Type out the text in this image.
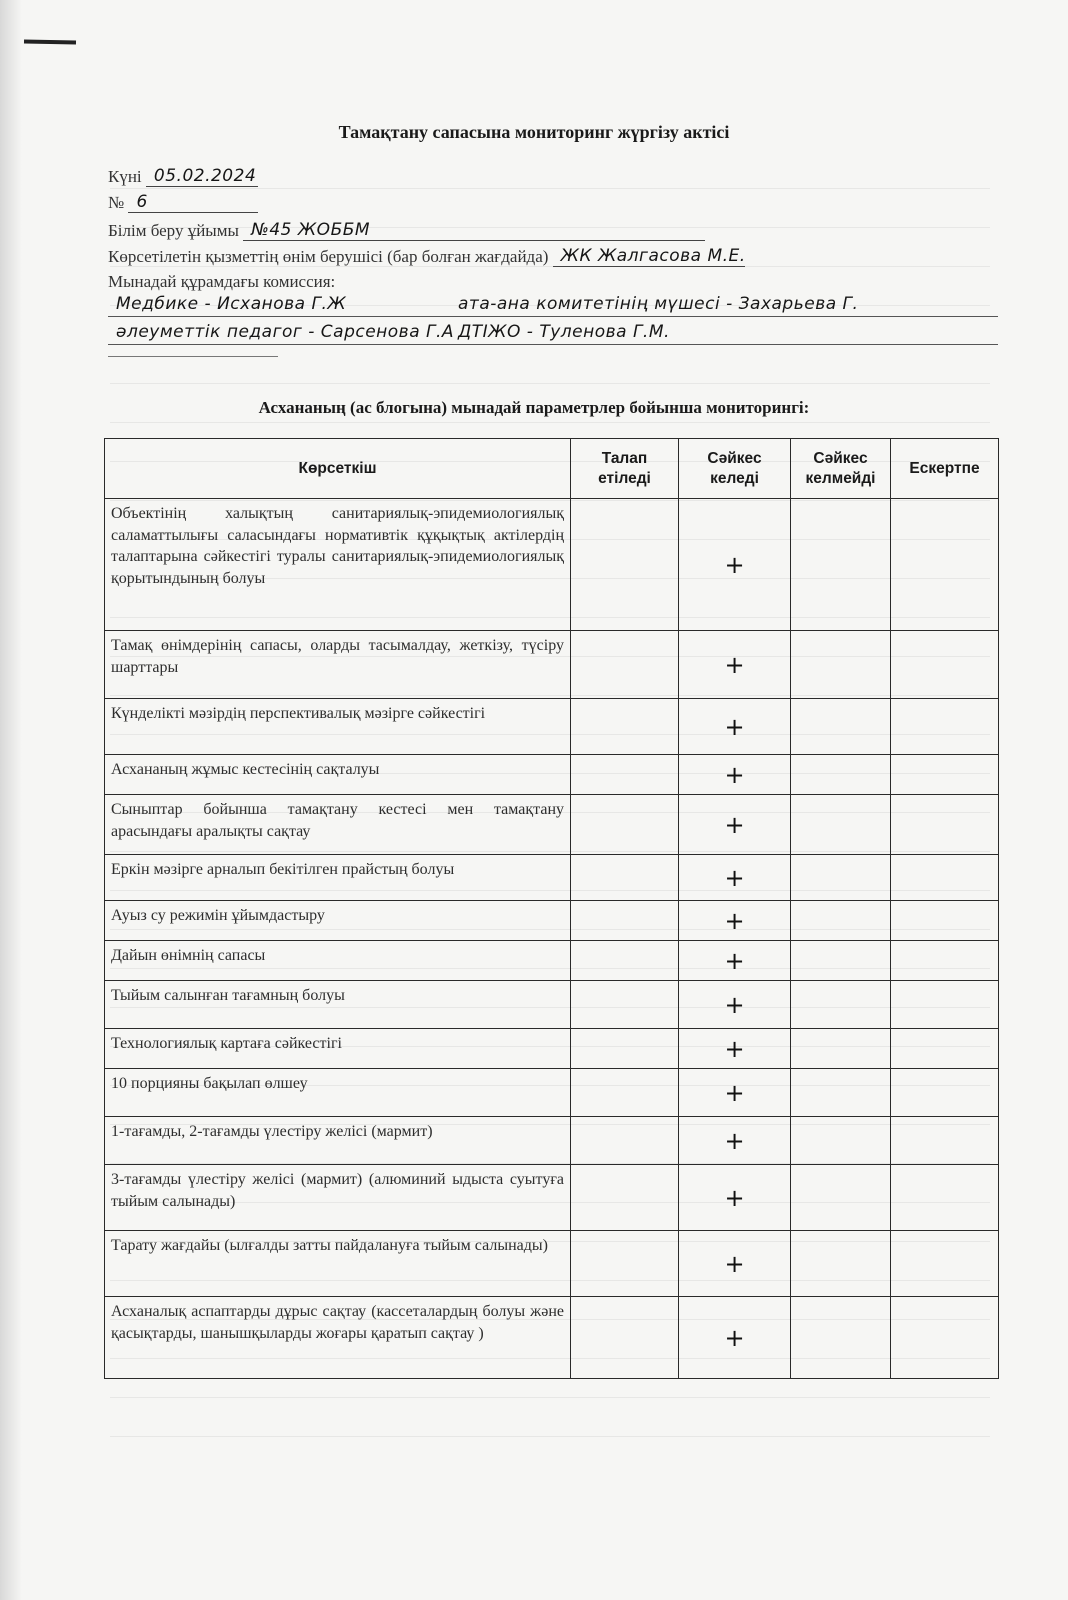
Тамақтану сапасына мониторинг жүргізу актісі
Күні 05.02.2024
№ 6
Білім беру ұйымы №45 ЖОББМ
Көрсетілетін қызметтің өнім берушісі (бар болған жағдайда) ЖК Жалгасова М.Е.
Мынадай құрамдағы комиссия:
Медбике - Исханова Г.Ж	ата-ана комитетінің мүшесі - Захарьева Г.
әлеуметтік педагог - Сарсенова Г.А ДТІЖО - Туленова Г.М.
Асхананың (ас блогына) мынадай параметрлер бойынша мониторингі:
Көрсеткіш	Талап етіледі	Сәйкес келеді	Сәйкес келмейді	Ескертпе
Объектінің халықтың санитариялық-эпидемиологиялық саламаттылығы саласындағы нормативтік құқықтық актілердің талаптарына сәйкестігі туралы санитариялық-эпидемиологиялық қорытындының болуы		+		
Тамақ өнімдерінің сапасы, оларды тасымалдау, жеткізу, түсіру шарттары		+		
Күнделікті мәзірдің перспективалық мәзірге сәйкестігі		+		
Асхананың жұмыс кестесінің сақталуы		+		
Сыныптар бойынша тамақтану кестесі мен тамақтану арасындағы аралықты сақтау		+		
Еркін мәзірге арналып бекітілген прайстың болуы		+		
Ауыз су режимін ұйымдастыру		+		
Дайын өнімнің сапасы		+		
Тыйым салынған тағамның болуы		+		
Технологиялық картаға сәйкестігі		+		
10 порцияны бақылап өлшеу		+		
1-тағамды, 2-тағамды үлестіру желісі (мармит)		+		
3-тағамды үлестіру желісі (мармит) (алюминий ыдыста суытуға тыйым салынады)		+		
Тарату жағдайы (ылғалды затты пайдалануға тыйым салынады)		+		
Асханалық аспаптарды дұрыс сақтау (кассеталардың болуы және қасықтарды, шанышқыларды жоғары қаратып сақтау )		+		
